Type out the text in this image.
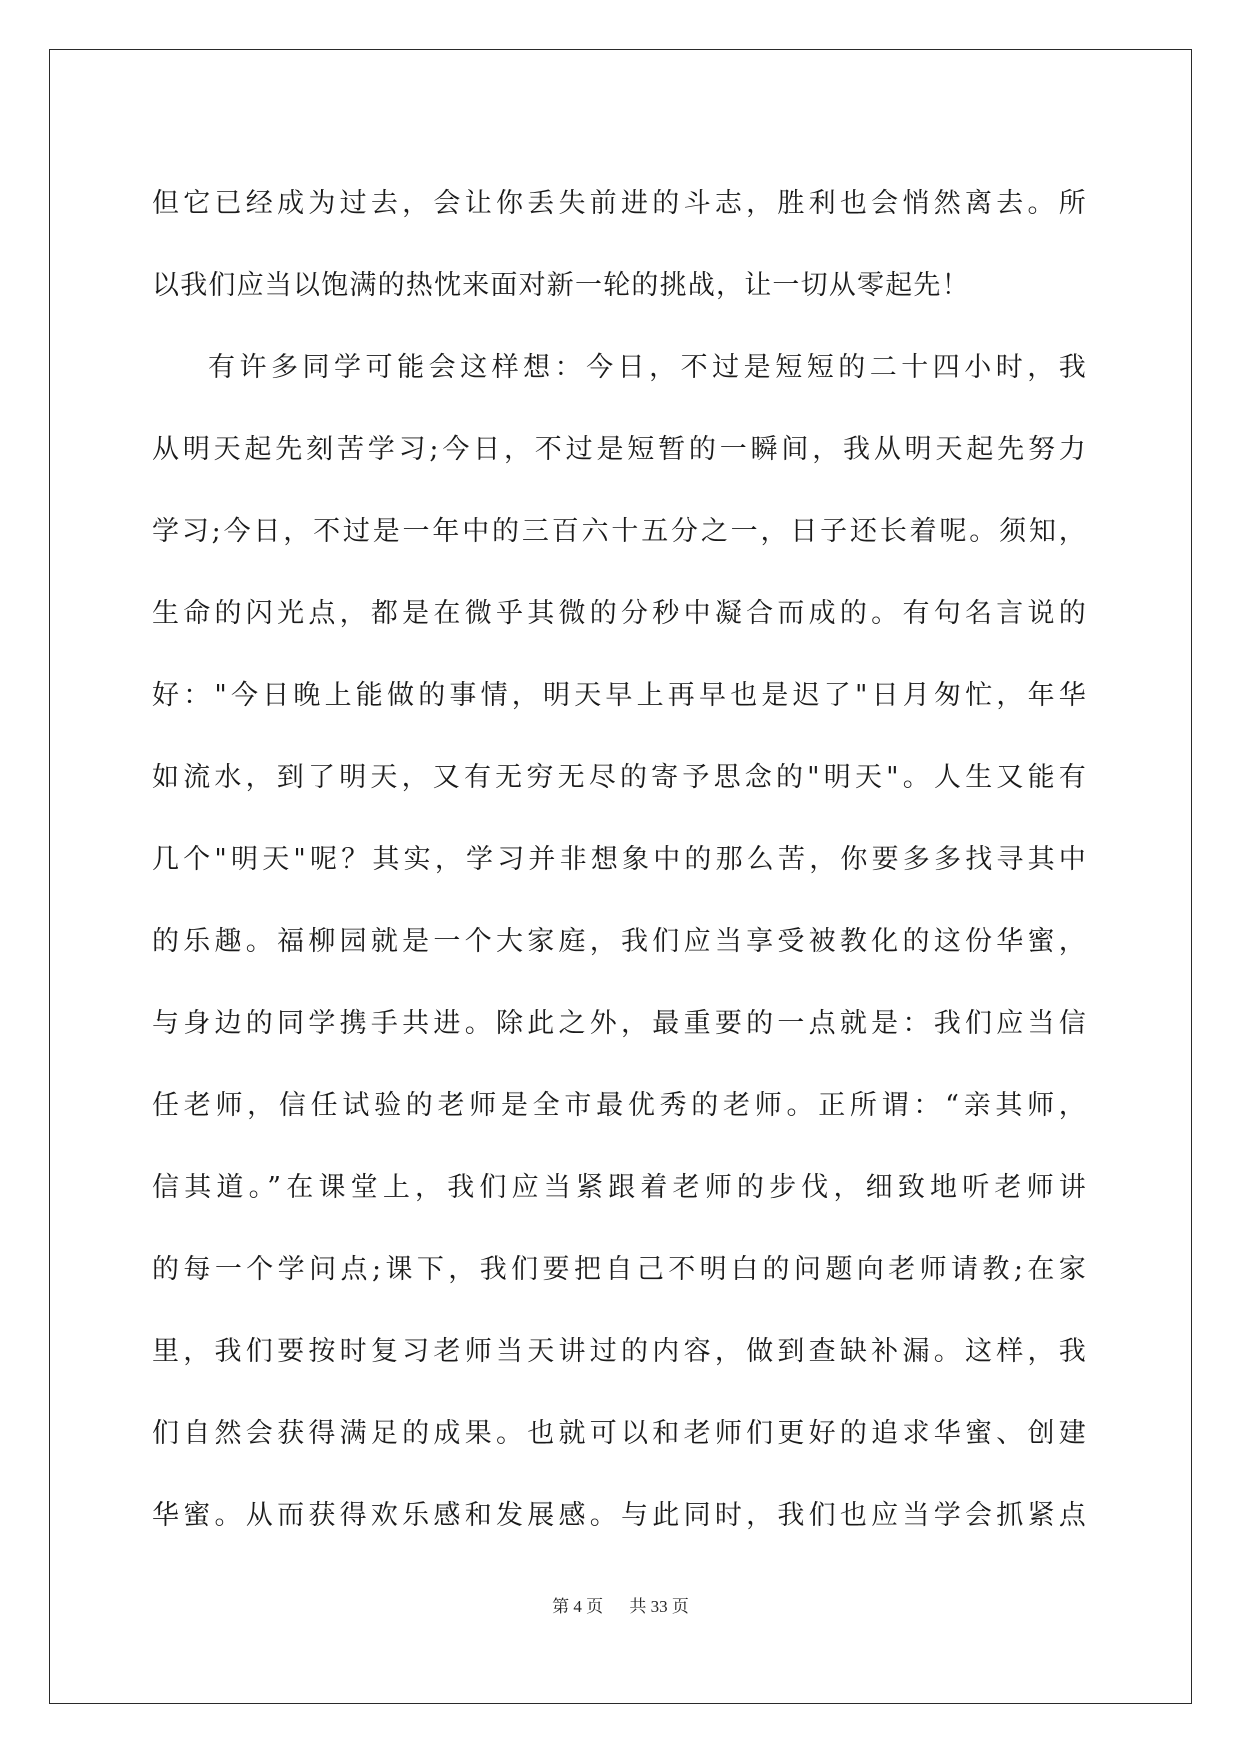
但它已经成为过去，会让你丢失前进的斗志，胜利也会悄然离去。所
以我们应当以饱满的热忱来面对新一轮的挑战，让一切从零起先！
有许多同学可能会这样想：今日，不过是短短的二十四小时，我
从明天起先刻苦学习;今日，不过是短暂的一瞬间，我从明天起先努力
学习;今日，不过是一年中的三百六十五分之一，日子还长着呢。须知，
生命的闪光点，都是在微乎其微的分秒中凝合而成的。有句名言说的
好："今日晚上能做的事情，明天早上再早也是迟了"日月匆忙，年华
如流水，到了明天，又有无穷无尽的寄予思念的"明天"。人生又能有
几个"明天"呢？其实，学习并非想象中的那么苦，你要多多找寻其中
的乐趣。福柳园就是一个大家庭，我们应当享受被教化的这份华蜜，
与身边的同学携手共进。除此之外，最重要的一点就是：我们应当信
任老师，信任试验的老师是全市最优秀的老师。正所谓：“亲其师，
信其道。”在课堂上，我们应当紧跟着老师的步伐，细致地听老师讲
的每一个学问点;课下，我们要把自己不明白的问题向老师请教;在家
里，我们要按时复习老师当天讲过的内容，做到查缺补漏。这样，我
们自然会获得满足的成果。也就可以和老师们更好的追求华蜜、创建
华蜜。从而获得欢乐感和发展感。与此同时，我们也应当学会抓紧点
第 4 页 共 33 页
